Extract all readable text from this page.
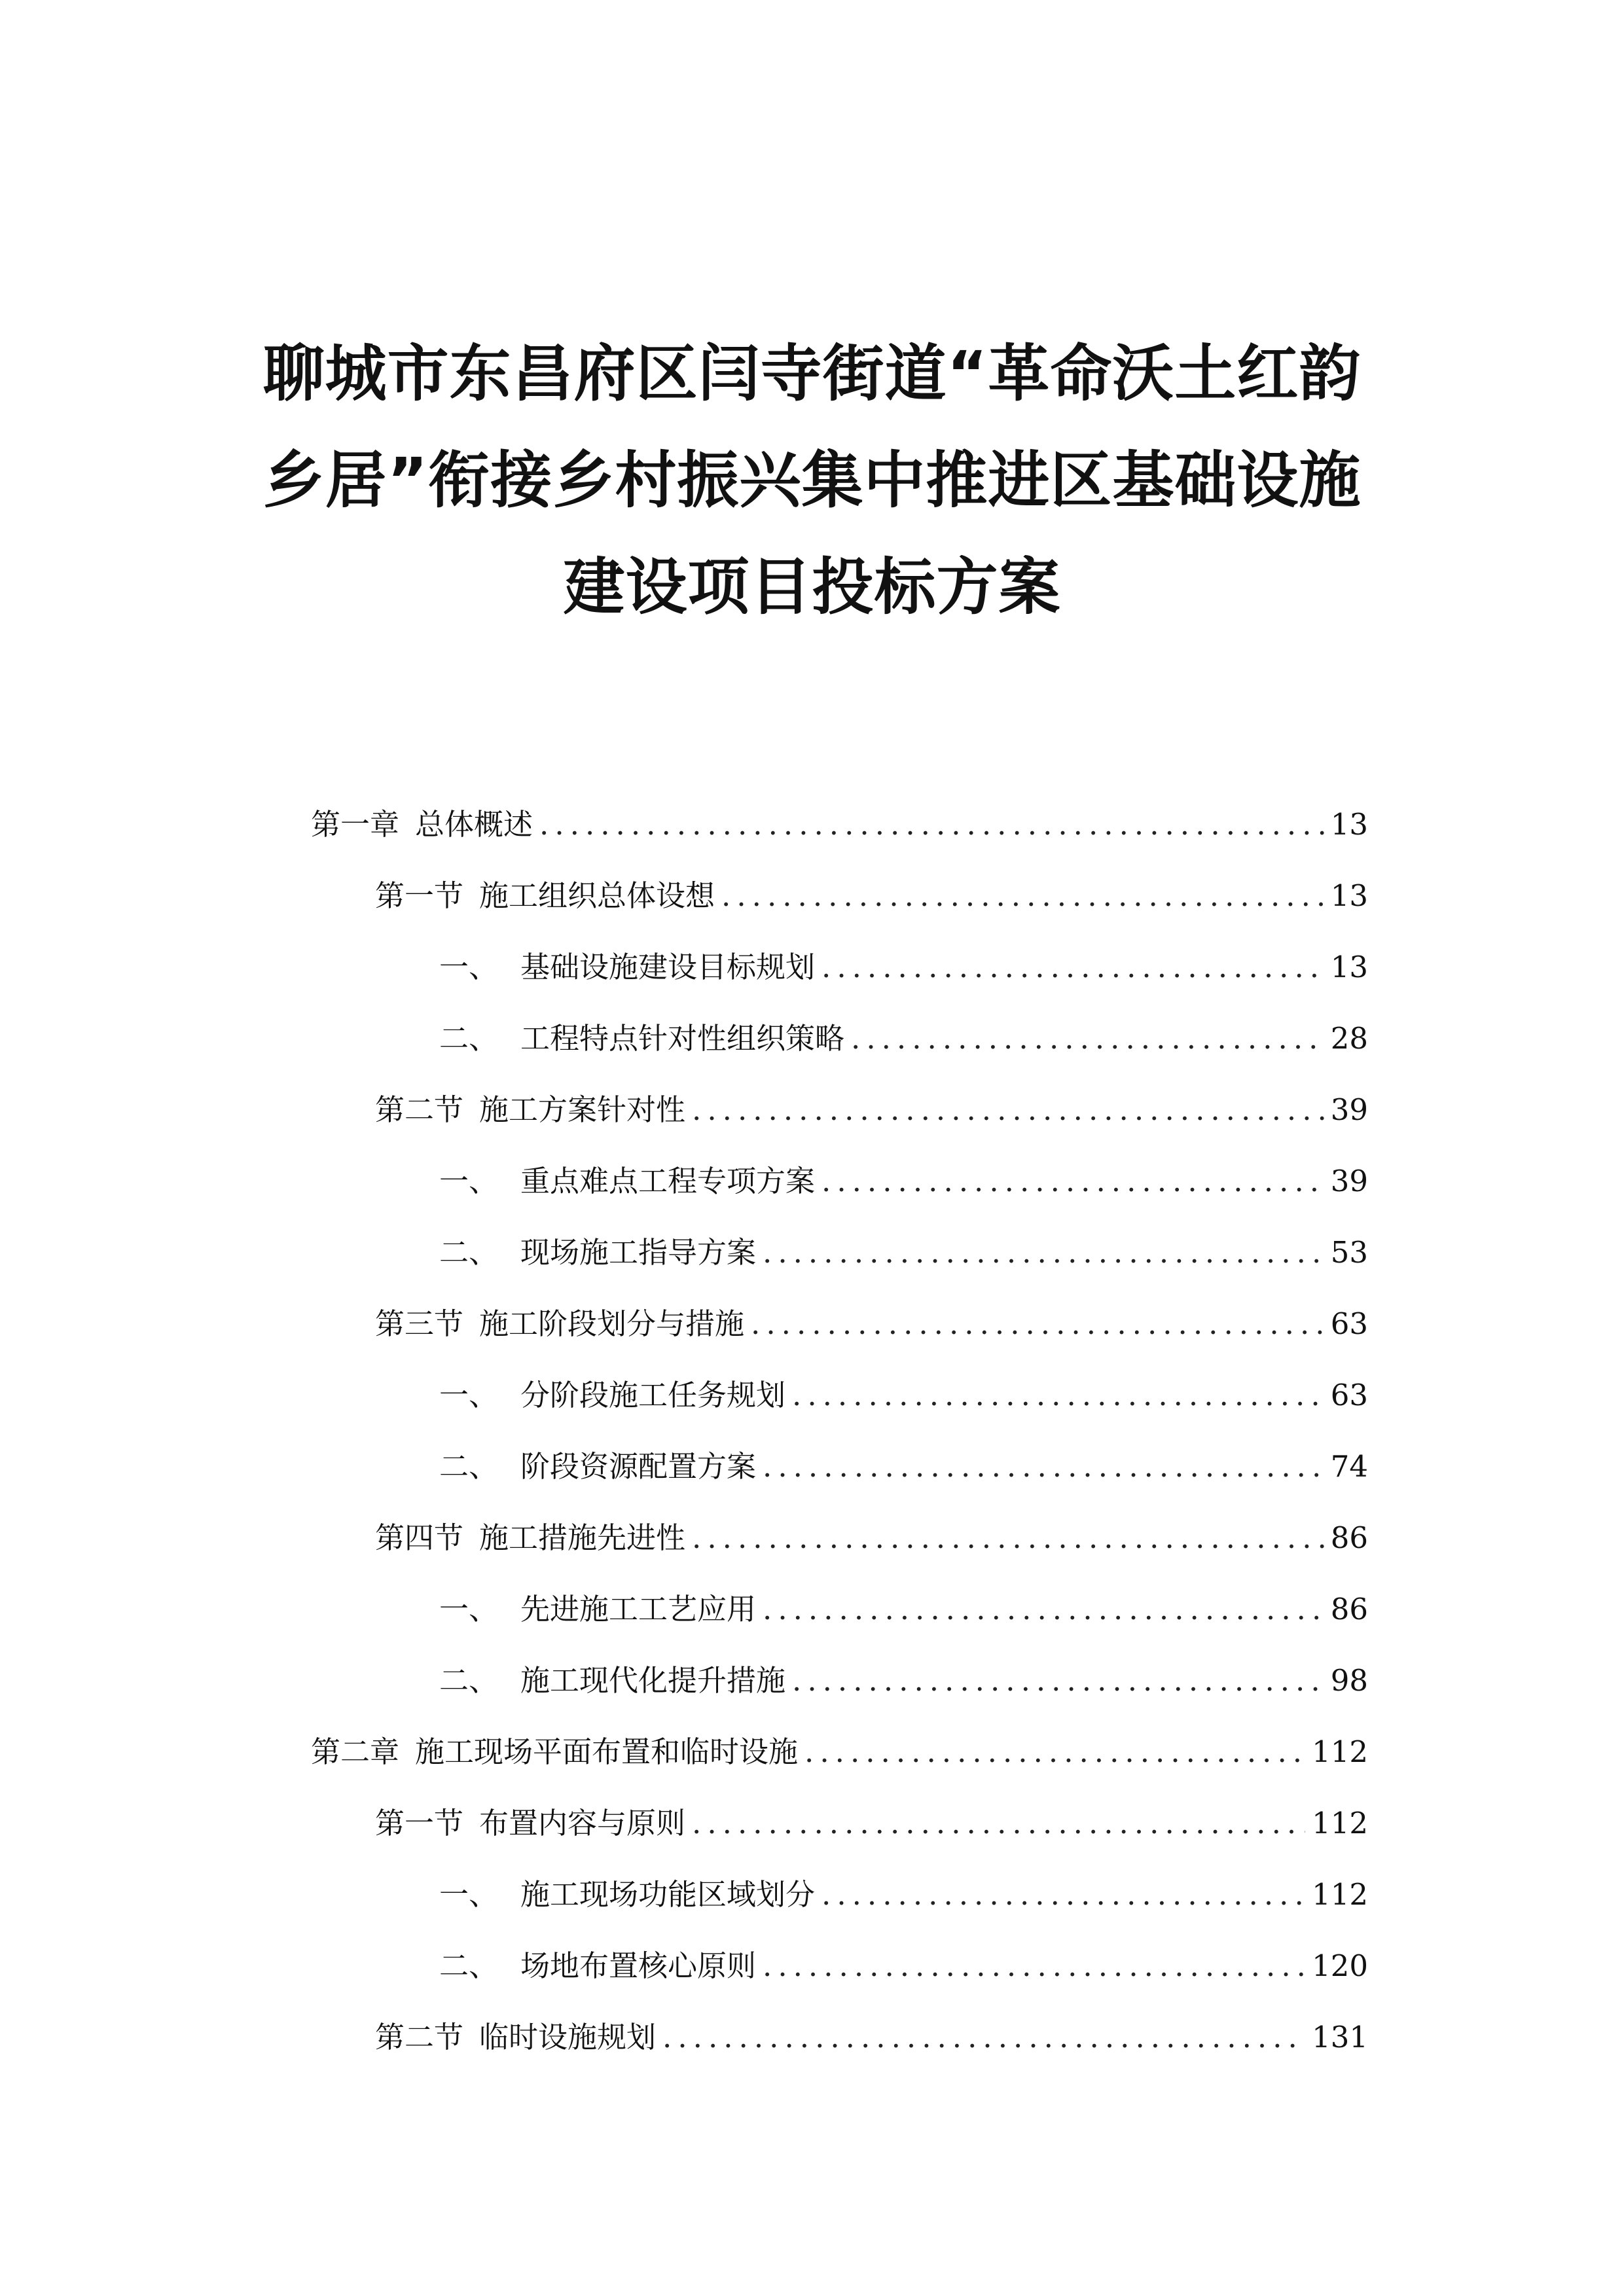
聊城市东昌府区闫寺街道“革命沃土红韵
乡居”衔接乡村振兴集中推进区基础设施
建设项目投标方案
第一章 总体概述 .....	13
第一节 施工组织总体设想 .....	13
一、 基础设施建设目标规划 .....	13
二、 工程特点针对性组织策略 .....	28
第二节 施工方案针对性 .....	39
一、 重点难点工程专项方案 .....	39
二、 现场施工指导方案 .....	53
第三节 施工阶段划分与措施 .....	63
一、 分阶段施工任务规划 .....	63
二、 阶段资源配置方案 .....	74
第四节 施工措施先进性 .....	86
一、 先进施工工艺应用 .....	86
二、 施工现代化提升措施 .....	98
第二章 施工现场平面布置和临时设施 .....	112
第一节 布置内容与原则 .....	112
一、 施工现场功能区域划分 .....	112
二、 场地布置核心原则 .....	120
第二节 临时设施规划 .....	131
